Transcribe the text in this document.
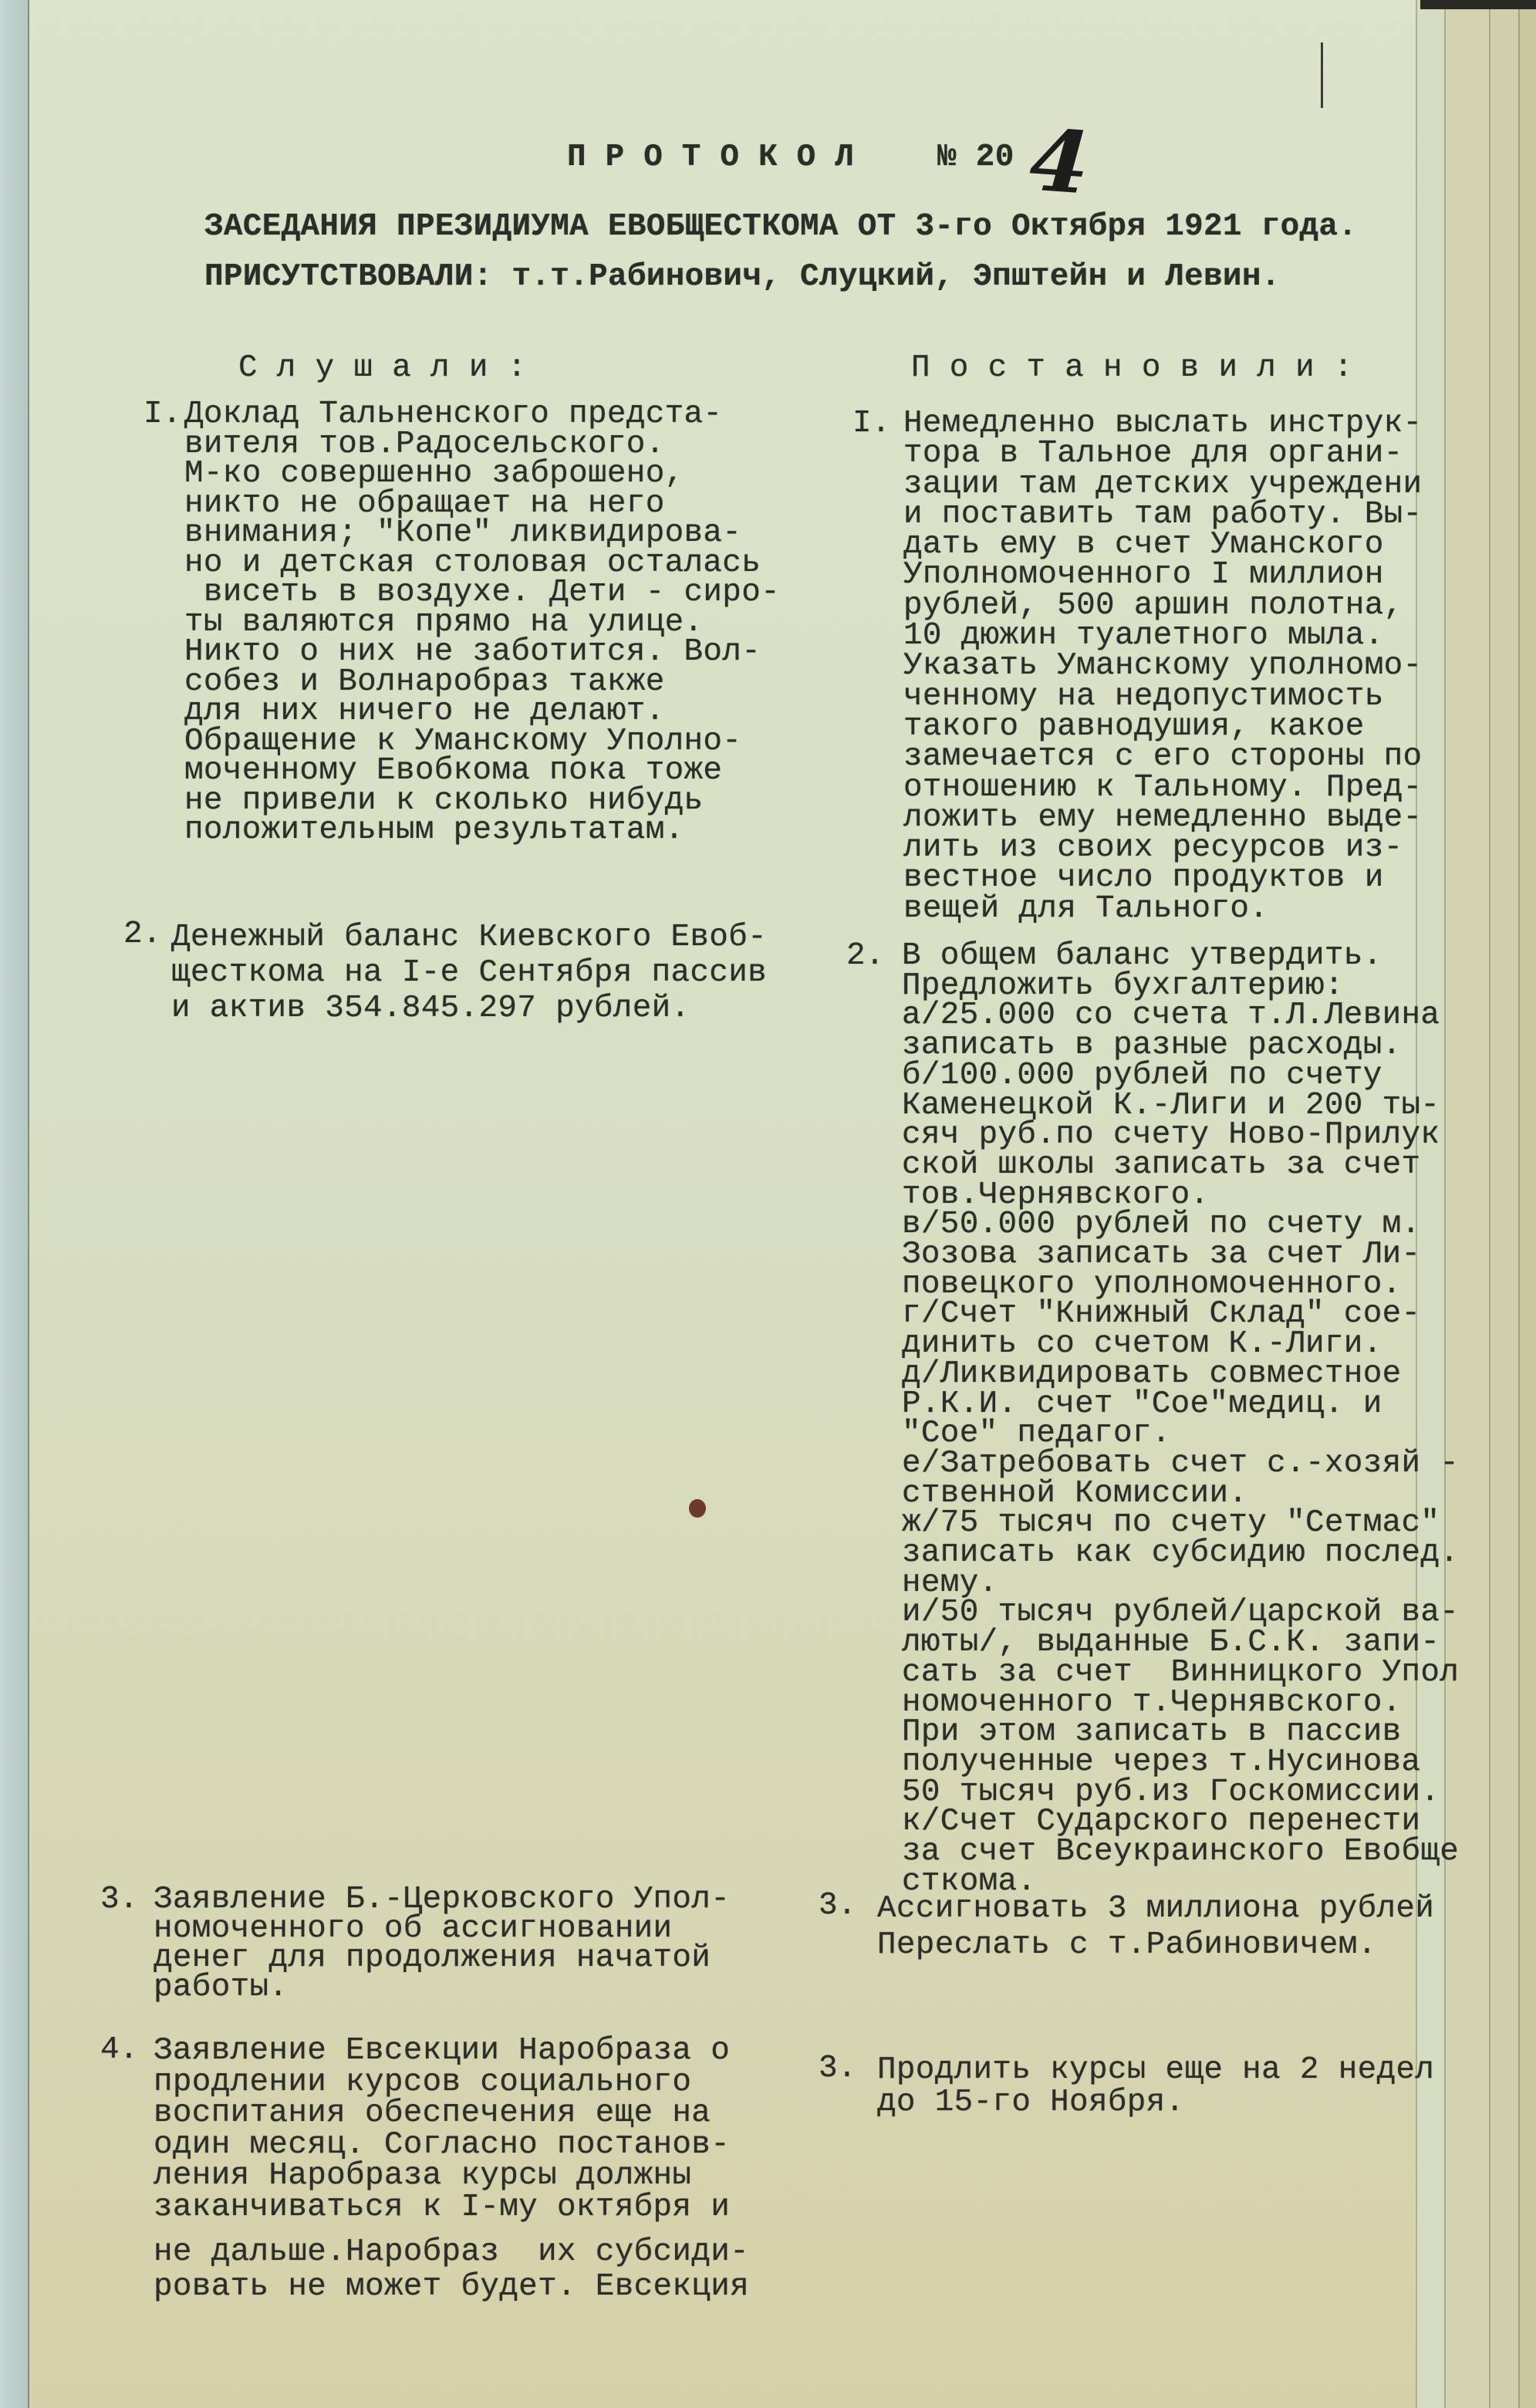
ПРОТОКОЛ № 20 4
ЗАСЕДАНИЯ ПРЕЗИДИУМА ЕВОБЩЕСТКОМА ОТ 3-го Октября 1921 года.
ПРИСУТСТВОВАЛИ: т.т.Рабинович, Слуцкий, Эпштейн и Левин.
С л у ш а л и :	П о с т а н о в и л и :
I. Доклад Тальненского предста-
вителя тов.Радосельского.
М-ко совершенно заброшено,
никто не обращает на него
внимания; "Копе" ликвидирова-
но и детская столовая осталась
висеть в воздухе. Дети - сиро-
ты валяются прямо на улице.
Никто о них не заботится. Вол-
собез и Волнаробраз также
для них ничего не делают.
Обращение к Уманскому Уполно-
моченному Евобкома пока тоже
не привели к сколько нибудь
положительным результатам.
2. Денежный баланс Киевского Евоб-
щесткома на I-е Сентября пассив
и актив 354.845.297 рублей.
3. Заявление Б.-Церковского Упол-
номоченного об ассигновании
денег для продолжения начатой
работы.
4. Заявление Евсекции Наробраза о
продлении курсов социального
воспитания обеспечения еще на
один месяц. Согласно постанов-
ления Наробраза курсы должны
заканчиваться к I-му октября и
не дальше.Наробраз  их субсиди-
ровать не может будет. Евсекция
I. Немедленно выслать инструк-
тора в Тальное для органи-
зации там детских учреждени
и поставить там работу. Вы-
дать ему в счет Уманского
Уполномоченного I миллион
рублей, 500 аршин полотна,
10 дюжин туалетного мыла.
Указать Уманскому уполномо-
ченному на недопустимость
такого равнодушия, какое
замечается с его стороны по
отношению к Тальному. Пред-
ложить ему немедленно выде-
лить из своих ресурсов из-
вестное число продуктов и
вещей для Тального.
2. В общем баланс утвердить.
Предложить бухгалтерию:
а/25.000 со счета т.Л.Левина
записать в разные расходы.
б/100.000 рублей по счету
Каменецкой К.-Лиги и 200 ты-
сяч руб.по счету Ново-Прилук
ской школы записать за счет
тов.Чернявского.
в/50.000 рублей по счету м.
Зозова записать за счет Ли-
повецкого уполномоченного.
г/Счет "Книжный Склад" сое-
динить со счетом К.-Лиги.
д/Ликвидировать совместное
Р.К.И. счет "Сое"медиц. и
"Сое" педагог.
е/Затребовать счет с.-хозяй -
ственной Комиссии.
ж/75 тысяч по счету "Сетмас"
записать как субсидию послед.
нему.
и/50 тысяч рублей/царской ва-
люты/, выданные Б.С.К. запи-
сать за счет  Винницкого Упол
номоченного т.Чернявского.
При этом записать в пассив
полученные через т.Нусинова
50 тысяч руб.из Госкомиссии.
к/Счет Сударского перенести
за счет Всеукраинского Евобще
сткома.
3. Ассигновать 3 миллиона рублей
Переслать с т.Рабиновичем.
3. Продлить курсы еще на 2 недел
до 15-го Ноября.
